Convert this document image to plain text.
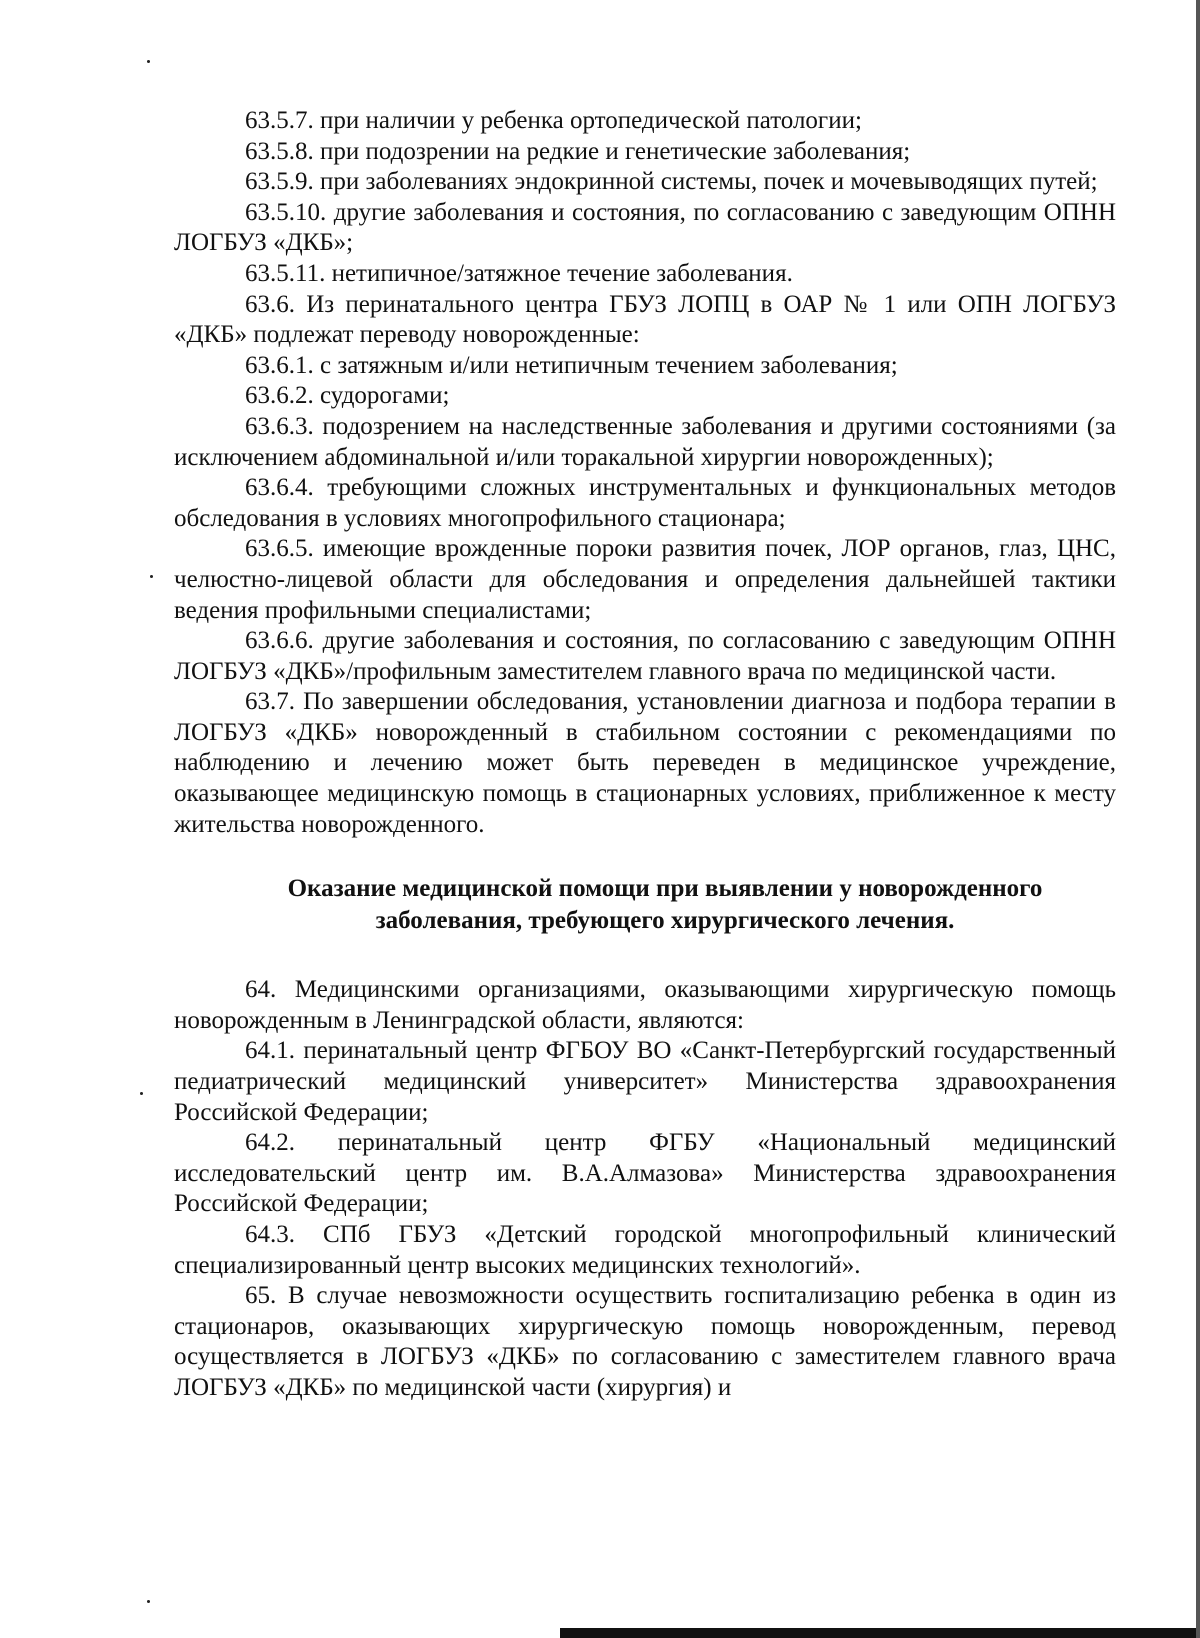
63.5.7. при наличии у ребенка ортопедической патологии;

63.5.8. при подозрении на редкие и генетические заболевания;

63.5.9. при заболеваниях эндокринной системы, почек и мочевыводящих путей;

63.5.10. другие заболевания и состояния, по согласованию с заведующим ОПНН ЛОГБУЗ «ДКБ»;

63.5.11. нетипичное/затяжное течение заболевания.

63.6. Из перинатального центра ГБУЗ ЛОПЦ в ОАР № 1 или ОПН ЛОГБУЗ «ДКБ» подлежат переводу новорожденные:

63.6.1. с затяжным и/или нетипичным течением заболевания;

63.6.2. судорогами;

63.6.3. подозрением на наследственные заболевания и другими состояниями (за исключением абдоминальной и/или торакальной хирургии новорожденных);

63.6.4. требующими сложных инструментальных и функциональных методов обследования в условиях многопрофильного стационара;

63.6.5. имеющие врожденные пороки развития почек, ЛОР органов, глаз, ЦНС, челюстно-лицевой области для обследования и определения дальнейшей тактики ведения профильными специалистами;

63.6.6. другие заболевания и состояния, по согласованию с заведующим ОПНН ЛОГБУЗ «ДКБ»/профильным заместителем главного врача по медицинской части.

63.7. По завершении обследования, установлении диагноза и подбора терапии в ЛОГБУЗ «ДКБ» новорожденный в стабильном состоянии с рекомендациями по наблюдению и лечению может быть переведен в медицинское учреждение, оказывающее медицинскую помощь в стационарных условиях, приближенное к месту жительства новорожденного.

Оказание медицинской помощи при выявлении у новорожденного заболевания, требующего хирургического лечения.

64. Медицинскими организациями, оказывающими хирургическую помощь новорожденным в Ленинградской области, являются:

64.1. перинатальный центр ФГБОУ ВО «Санкт-Петербургский государственный педиатрический медицинский университет» Министерства здравоохранения Российской Федерации;

64.2. перинатальный центр ФГБУ «Национальный медицинский исследовательский центр им. В.А.Алмазова» Министерства здравоохранения Российской Федерации;

64.3. СПб ГБУЗ «Детский городской многопрофильный клинический специализированный центр высоких медицинских технологий».

65. В случае невозможности осуществить госпитализацию ребенка в один из стационаров, оказывающих хирургическую помощь новорожденным, перевод осуществляется в ЛОГБУЗ «ДКБ» по согласованию с заместителем главного врача ЛОГБУЗ «ДКБ» по медицинской части (хирургия) и
